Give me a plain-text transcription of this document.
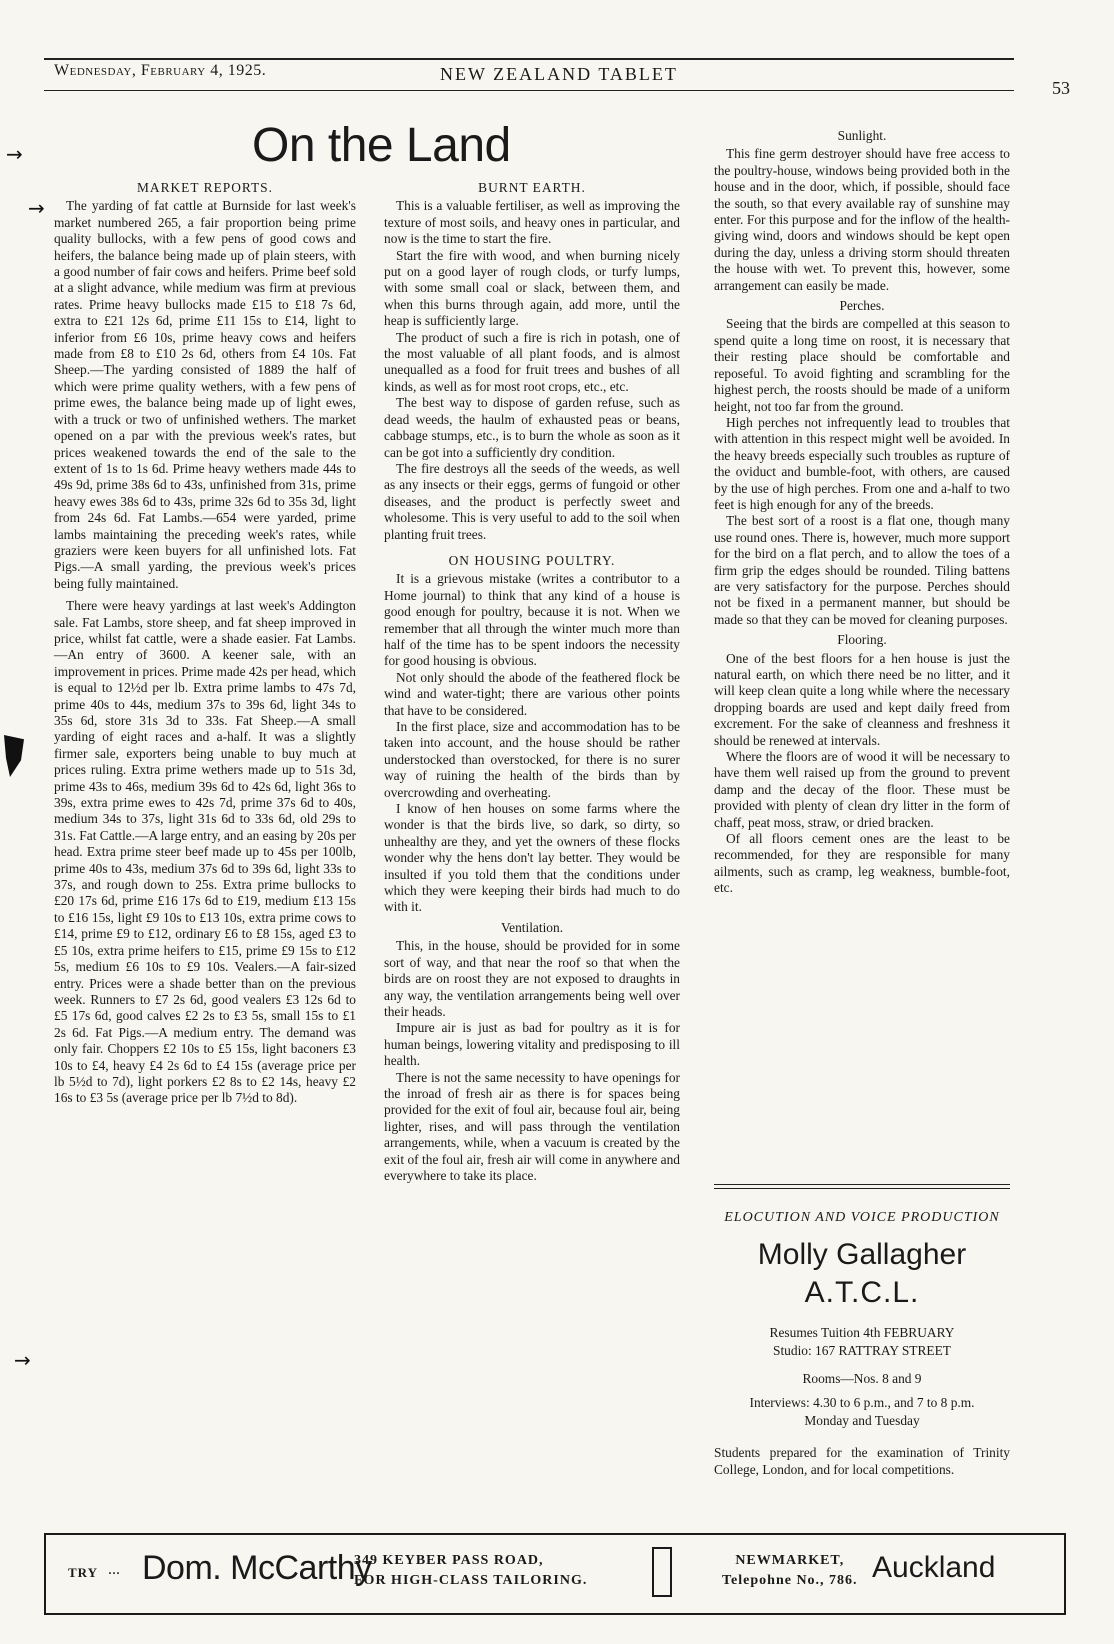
Wednesday, February 4, 1925.	NEW ZEALAND TABLET
53
On the Land
→
→
→
MARKET REPORTS.

The yarding of fat cattle at Burnside for last week's market numbered 265, a fair proportion being prime quality bullocks, with a few pens of good cows and heifers, the balance being made up of plain steers, with a good number of fair cows and heifers. Prime beef sold at a slight advance, while medium was firm at previous rates. Prime heavy bullocks made £15 to £18 7s 6d, extra to £21 12s 6d, prime £11 15s to £14, light to inferior from £6 10s, prime heavy cows and heifers made from £8 to £10 2s 6d, others from £4 10s. Fat Sheep.—The yarding consisted of 1889 the half of which were prime quality wethers, with a few pens of prime ewes, the balance being made up of light ewes, with a truck or two of unfinished wethers. The market opened on a par with the previous week's rates, but prices weakened towards the end of the sale to the extent of 1s to 1s 6d. Prime heavy wethers made 44s to 49s 9d, prime 38s 6d to 43s, unfinished from 31s, prime heavy ewes 38s 6d to 43s, prime 32s 6d to 35s 3d, light from 24s 6d. Fat Lambs.—654 were yarded, prime lambs maintaining the preceding week's rates, while graziers were keen buyers for all unfinished lots. Fat Pigs.—A small yarding, the previous week's prices being fully maintained.

There were heavy yardings at last week's Addington sale. Fat Lambs, store sheep, and fat sheep improved in price, whilst fat cattle, were a shade easier. Fat Lambs.—An entry of 3600. A keener sale, with an improvement in prices. Prime made 42s per head, which is equal to 12½d per lb. Extra prime lambs to 47s 7d, prime 40s to 44s, medium 37s to 39s 6d, light 34s to 35s 6d, store 31s 3d to 33s. Fat Sheep.—A small yarding of eight races and a-half. It was a slightly firmer sale, exporters being unable to buy much at prices ruling. Extra prime wethers made up to 51s 3d, prime 43s to 46s, medium 39s 6d to 42s 6d, light 36s to 39s, extra prime ewes to 42s 7d, prime 37s 6d to 40s, medium 34s to 37s, light 31s 6d to 33s 6d, old 29s to 31s. Fat Cattle.—A large entry, and an easing by 20s per head. Extra prime steer beef made up to 45s per 100lb, prime 40s to 43s, medium 37s 6d to 39s 6d, light 33s to 37s, and rough down to 25s. Extra prime bullocks to £20 17s 6d, prime £16 17s 6d to £19, medium £13 15s to £16 15s, light £9 10s to £13 10s, extra prime cows to £14, prime £9 to £12, ordinary £6 to £8 15s, aged £3 to £5 10s, extra prime heifers to £15, prime £9 15s to £12 5s, medium £6 10s to £9 10s. Vealers.—A fair-sized entry. Prices were a shade better than on the previous week. Runners to £7 2s 6d, good vealers £3 12s 6d to £5 17s 6d, good calves £2 2s to £3 5s, small 15s to £1 2s 6d. Fat Pigs.—A medium entry. The demand was only fair. Choppers £2 10s to £5 15s, light baconers £3 10s to £4, heavy £4 2s 6d to £4 15s (average price per lb 5½d to 7d), light porkers £2 8s to £2 14s, heavy £2 16s to £3 5s (average price per lb 7½d to 8d).

BURNT EARTH.

This is a valuable fertiliser, as well as improving the texture of most soils, and heavy ones in particular, and now is the time to start the fire.

Start the fire with wood, and when burning nicely put on a good layer of rough clods, or turfy lumps, with some small coal or slack, between them, and when this burns through again, add more, until the heap is sufficiently large.

The product of such a fire is rich in potash, one of the most valuable of all plant foods, and is almost unequalled as a food for fruit trees and bushes of all kinds, as well as for most root crops, etc., etc.

The best way to dispose of garden refuse, such as dead weeds, the haulm of exhausted peas or beans, cabbage stumps, etc., is to burn the whole as soon as it can be got into a sufficiently dry condition.

The fire destroys all the seeds of the weeds, as well as any insects or their eggs, germs of fungoid or other diseases, and the product is perfectly sweet and wholesome. This is very useful to add to the soil when planting fruit trees.

ON HOUSING POULTRY.

It is a grievous mistake (writes a contributor to a Home journal) to think that any kind of a house is good enough for poultry, because it is not. When we remember that all through the winter much more than half of the time has to be spent indoors the necessity for good housing is obvious.

Not only should the abode of the feathered flock be wind and water-tight; there are various other points that have to be considered.

In the first place, size and accommodation has to be taken into account, and the house should be rather understocked than overstocked, for there is no surer way of ruining the health of the birds than by overcrowding and overheating.

I know of hen houses on some farms where the wonder is that the birds live, so dark, so dirty, so unhealthy are they, and yet the owners of these flocks wonder why the hens don't lay better. They would be insulted if you told them that the conditions under which they were keeping their birds had much to do with it.

Ventilation.

This, in the house, should be provided for in some sort of way, and that near the roof so that when the birds are on roost they are not exposed to draughts in any way, the ventilation arrangements being well over their heads.

Impure air is just as bad for poultry as it is for human beings, lowering vitality and predisposing to ill health.

There is not the same necessity to have openings for the inroad of fresh air as there is for spaces being provided for the exit of foul air, because foul air, being lighter, rises, and will pass through the ventilation arrangements, while, when a vacuum is created by the exit of the foul air, fresh air will come in anywhere and everywhere to take its place.

Sunlight.

This fine germ destroyer should have free access to the poultry-house, windows being provided both in the house and in the door, which, if possible, should face the south, so that every available ray of sunshine may enter. For this purpose and for the inflow of the health-giving wind, doors and windows should be kept open during the day, unless a driving storm should threaten the house with wet. To prevent this, however, some arrangement can easily be made.

Perches.

Seeing that the birds are compelled at this season to spend quite a long time on roost, it is necessary that their resting place should be comfortable and reposeful. To avoid fighting and scrambling for the highest perch, the roosts should be made of a uniform height, not too far from the ground.

High perches not infrequently lead to troubles that with attention in this respect might well be avoided. In the heavy breeds especially such troubles as rupture of the oviduct and bumble-foot, with others, are caused by the use of high perches. From one and a-half to two feet is high enough for any of the breeds.

The best sort of a roost is a flat one, though many use round ones. There is, however, much more support for the bird on a flat perch, and to allow the toes of a firm grip the edges should be rounded. Tiling battens are very satisfactory for the purpose. Perches should not be fixed in a permanent manner, but should be made so that they can be moved for cleaning purposes.

Flooring.

One of the best floors for a hen house is just the natural earth, on which there need be no litter, and it will keep clean quite a long while where the necessary dropping boards are used and kept daily freed from excrement. For the sake of cleanness and freshness it should be renewed at intervals.

Where the floors are of wood it will be necessary to have them well raised up from the ground to prevent damp and the decay of the floor. These must be provided with plenty of clean dry litter in the form of chaff, peat moss, straw, or dried bracken.

Of all floors cement ones are the least to be recommended, for they are responsible for many ailments, such as cramp, leg weakness, bumble-foot, etc.

ELOCUTION AND VOICE PRODUCTION
Molly Gallagher
A.T.C.L.
Resumes Tuition 4th FEBRUARY
Studio: 167 RATTRAY STREET
Rooms—Nos. 8 and 9
Interviews: 4.30 to 6 p.m., and 7 to 8 p.m.
Monday and Tuesday
Students prepared for the examination of Trinity College, London, and for local competitions.
TRY ... Dom. McCarthy
349 KEYBER PASS ROAD,
FOR HIGH-CLASS TAILORING.
NEWMARKET,
Telepohne No., 786. Auckland
